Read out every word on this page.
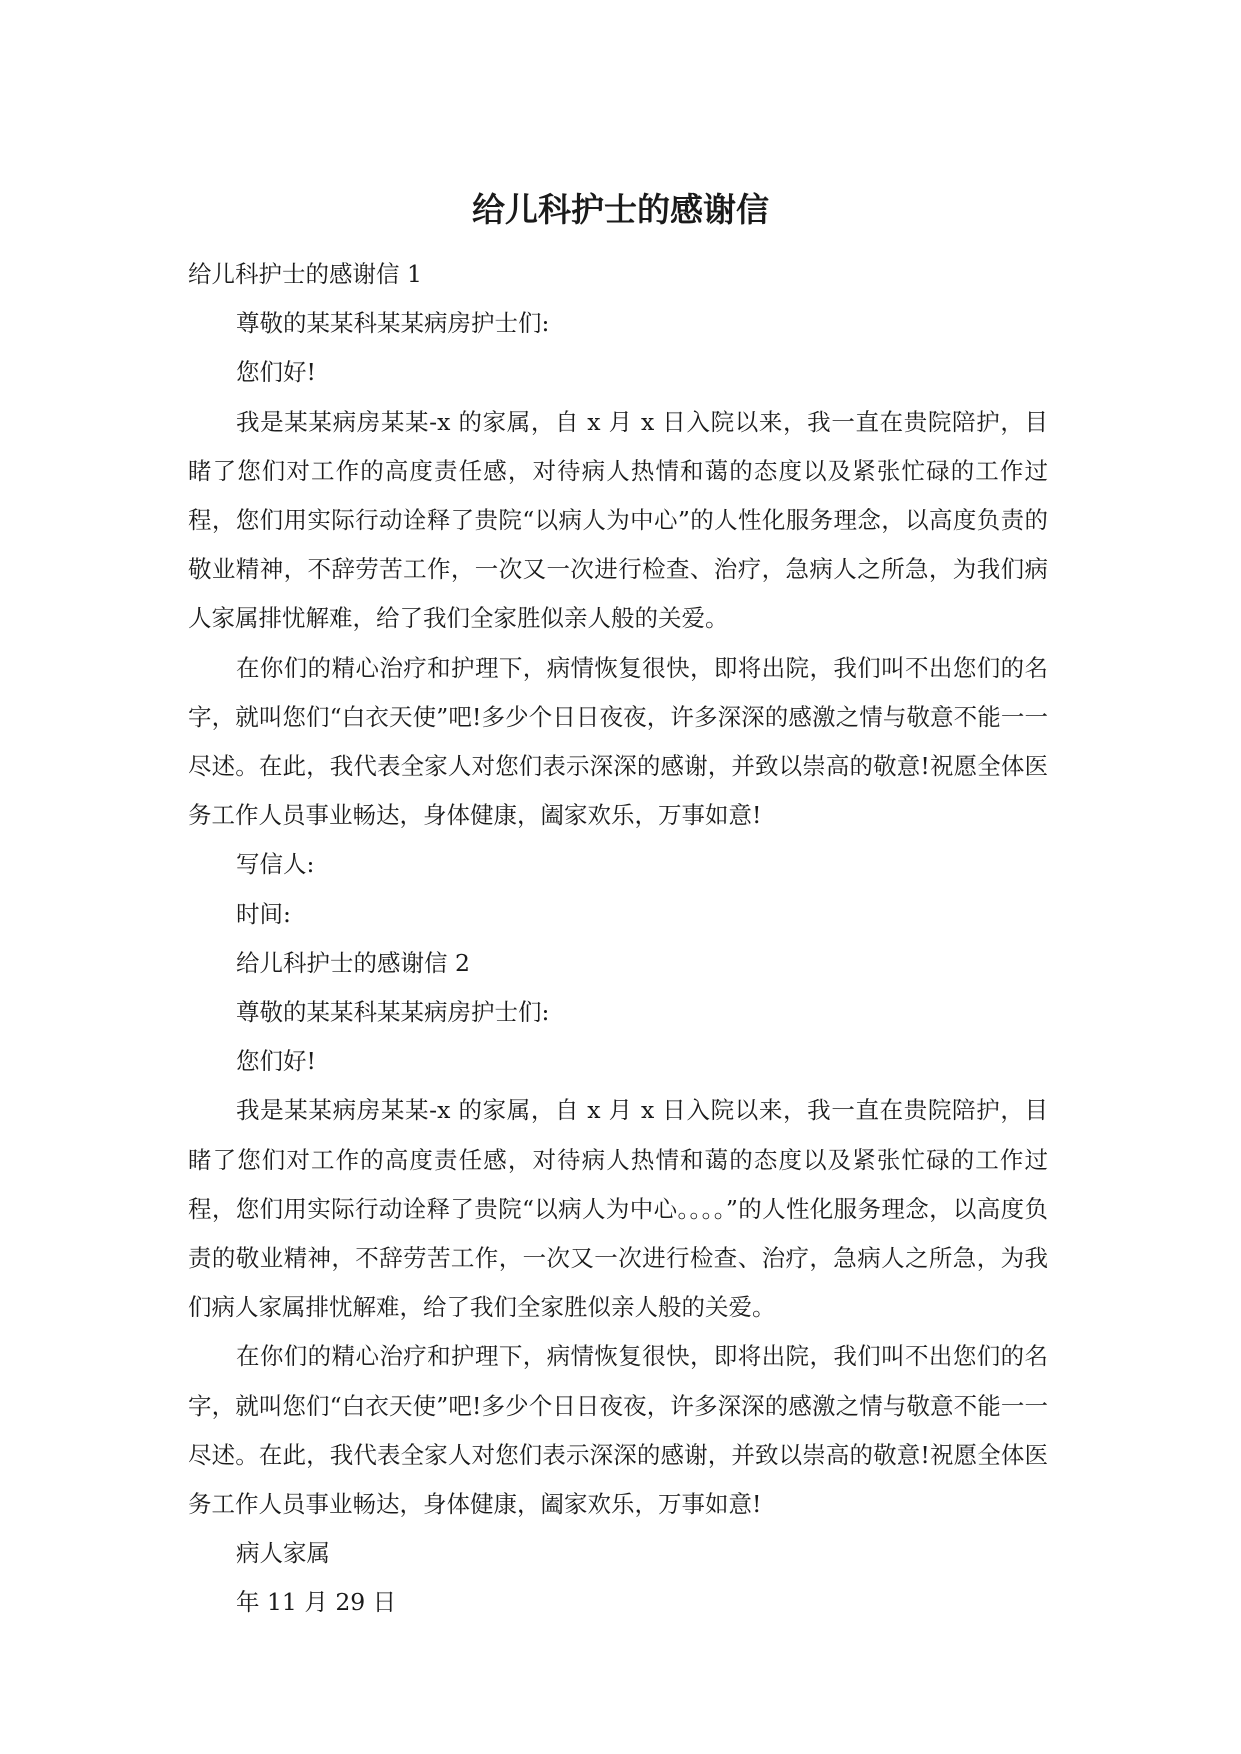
给儿科护士的感谢信

给儿科护士的感谢信 1

尊敬的某某科某某病房护士们:

您们好!

我是某某病房某某-x 的家属，自 x 月 x 日入院以来，我一直在贵院陪护，目睹了您们对工作的高度责任感，对待病人热情和蔼的态度以及紧张忙碌的工作过程，您们用实际行动诠释了贵院“以病人为中心”的人性化服务理念，以高度负责的敬业精神，不辞劳苦工作，一次又一次进行检查、治疗，急病人之所急，为我们病人家属排忧解难，给了我们全家胜似亲人般的关爱。

在你们的精心治疗和护理下，病情恢复很快，即将出院，我们叫不出您们的名字，就叫您们“白衣天使”吧!多少个日日夜夜，许多深深的感激之情与敬意不能一一尽述。在此，我代表全家人对您们表示深深的感谢，并致以崇高的敬意!祝愿全体医务工作人员事业畅达，身体健康，阖家欢乐，万事如意!

写信人:

时间:

给儿科护士的感谢信 2

尊敬的某某科某某病房护士们:

您们好!

我是某某病房某某-x 的家属，自 x 月 x 日入院以来，我一直在贵院陪护，目睹了您们对工作的高度责任感，对待病人热情和蔼的态度以及紧张忙碌的工作过程，您们用实际行动诠释了贵院“以病人为中心。。。。”的人性化服务理念，以高度负责的敬业精神，不辞劳苦工作，一次又一次进行检查、治疗，急病人之所急，为我们病人家属排忧解难，给了我们全家胜似亲人般的关爱。

在你们的精心治疗和护理下，病情恢复很快，即将出院，我们叫不出您们的名字，就叫您们“白衣天使”吧!多少个日日夜夜，许多深深的感激之情与敬意不能一一尽述。在此，我代表全家人对您们表示深深的感谢，并致以崇高的敬意!祝愿全体医务工作人员事业畅达，身体健康，阖家欢乐，万事如意!

病人家属

年 11 月 29 日
